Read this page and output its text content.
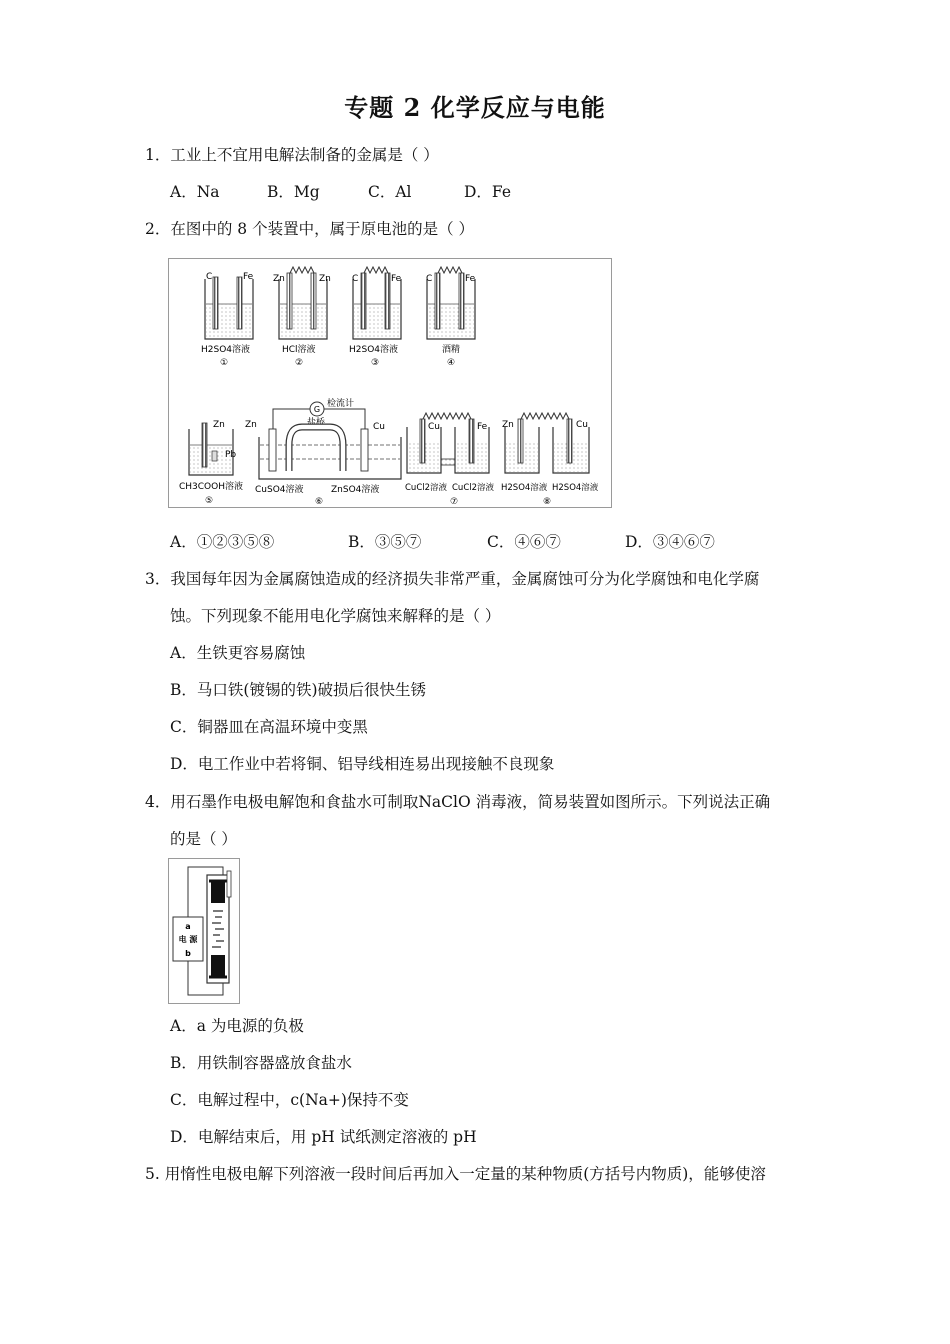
专题 2 化学反应与电能
1．工业上不宜用电解法制备的金属是（ ）
A．Na	B．Mg	C．Al	D．Fe
2．在图中的 8 个装置中，属于原电池的是（ ）
C	Fe
H2SO4溶液
①
Zn	Zn
HCl溶液
②
C	Fe
H2SO4溶液
③
C	Fe
酒精
④
Zn
Pb
CH3COOH溶液
⑤
G
检流计
盐桥
Zn	Cu
CuSO4溶液	ZnSO4溶液
⑥
Cu	Fe
CuCl2溶液 CuCl2溶液
⑦
Zn	Cu
H2SO4溶液 H2SO4溶液
⑧
A．①②③⑤⑧	B．③⑤⑦	C．④⑥⑦	D．③④⑥⑦
3．我国每年因为金属腐蚀造成的经济损失非常严重，金属腐蚀可分为化学腐蚀和电化学腐
蚀。下列现象不能用电化学腐蚀来解释的是（ ）
A．生铁更容易腐蚀
B．马口铁(镀锡的铁)破损后很快生锈
C．铜器皿在高温环境中变黑
D．电工作业中若将铜、铝导线相连易出现接触不良现象
4．用石墨作电极电解饱和食盐水可制取NaClO 消毒液，简易装置如图所示。下列说法正确
的是（ ）
a
电 源
b
A．a 为电源的负极
B．用铁制容器盛放食盐水
C．电解过程中，c(Na+)保持不变
D．电解结束后，用 pH 试纸测定溶液的 pH
5. 用惰性电极电解下列溶液一段时间后再加入一定量的某种物质(方括号内物质)，能够使溶
